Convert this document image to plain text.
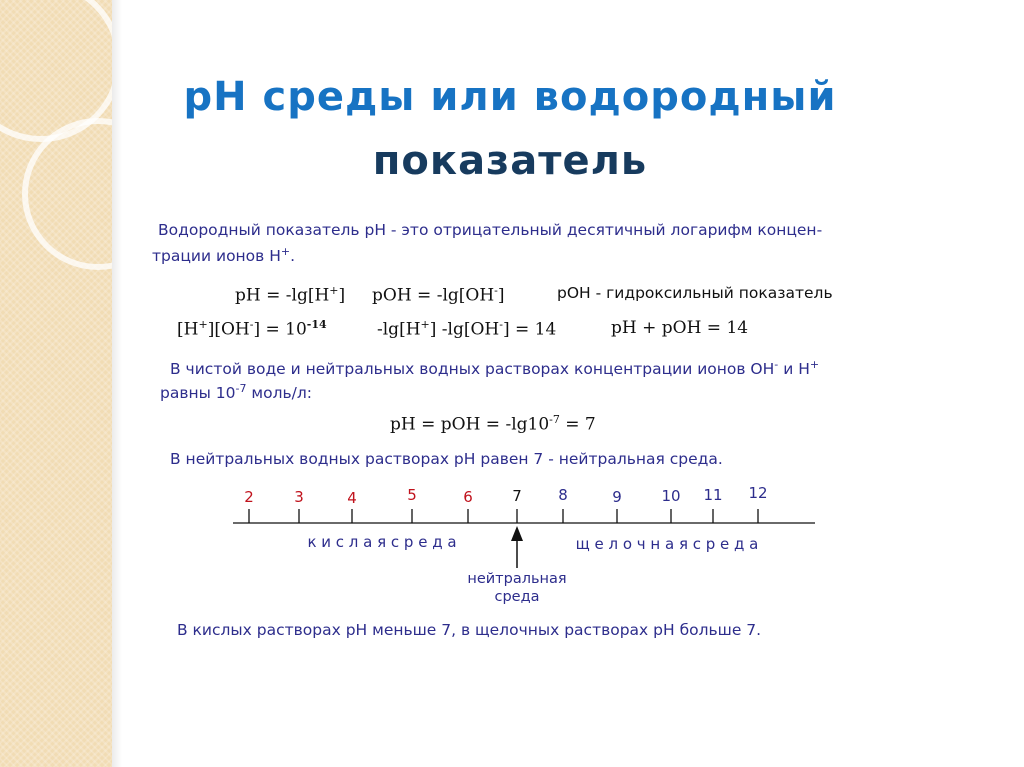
pH среды или водородный
показатель
Водородный показатель pH - это отрицательный десятичный логарифм концен-
трации ионов Н+.
pH = -lg[H+] pOH = -lg[OH-]	pOH - гидроксильный показатель
$[H^+][OH^-] = 10^{-14}$	-lg[H+] -lg[OH-] = 14	pH + pOH = 14
В чистой воде и нейтральных водных растворах концентрации ионов OH- и H+
равны $10^{-7}$ моль/л:
pH = pOH = $-\lg 10^{-7} = 7$
В нейтральных водных растворах pH равен 7 - нейтральная среда.
2	3	4	5	6	7 8	9	10 11 12
к и с л а я с р е д а	щ е л о ч н а я с р е д а
нейтральная
среда
В кислых растворах pH меньше 7, в щелочных растворах pH больше 7.
